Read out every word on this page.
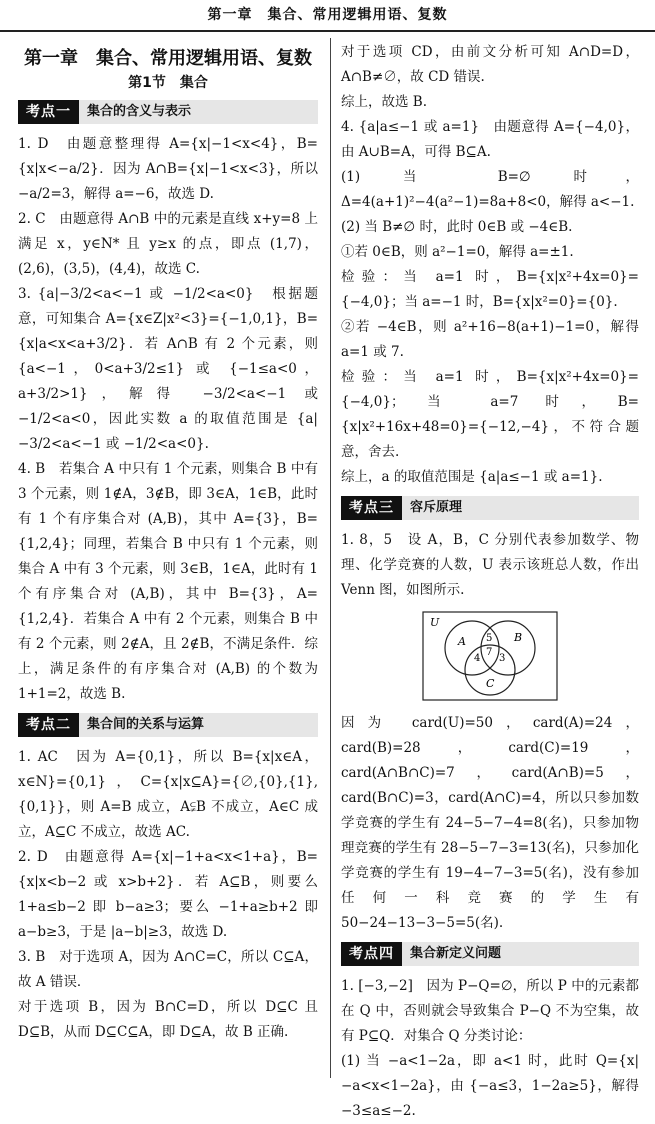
第一章　集合、常用逻辑用语、复数
第一章　集合、常用逻辑用语、复数
第1节　集合
考点一	集合的含义与表示

1. D　由题意整理得 A={x|−1<x<4}，B={x|x<−a/2}．因为 A∩B={x|−1<x<3}，所以 −a/2=3，解得 a=−6，故选 D.

2. C　由题意得 A∩B 中的元素是直线 x+y=8 上满足 x，y∈N* 且 y≥x 的点，即点 (1,7)，(2,6)，(3,5)，(4,4)，故选 C.

3. {a|−3/2<a<−1 或 −1/2<a<0}　根据题意，可知集合 A={x∈Z|x²<3}={−1,0,1}，B={x|a<x<a+3/2}．若 A∩B 有 2 个元素，则 {a<−1，0<a+3/2≤1} 或 {−1≤a<0，a+3/2>1}，解得 −3/2<a<−1 或 −1/2<a<0，因此实数 a 的取值范围是 {a|−3/2<a<−1 或 −1/2<a<0}.

4. B　若集合 A 中只有 1 个元素，则集合 B 中有 3 个元素，则 1∉A，3∉B，即 3∈A，1∈B，此时有 1 个有序集合对 (A,B)，其中 A={3}，B={1,2,4}；同理，若集合 B 中只有 1 个元素，则集合 A 中有 3 个元素，则 3∈B，1∈A，此时有 1 个有序集合对 (A,B)，其中 B={3}，A={1,2,4}．若集合 A 中有 2 个元素，则集合 B 中有 2 个元素，则 2∉A，且 2∉B，不满足条件．综上，满足条件的有序集合对 (A,B) 的个数为 1+1=2，故选 B.

考点二	集合间的关系与运算

1. AC　因为 A={0,1}，所以 B={x|x∈A，x∈N}={0,1}，C={x|x⊆A}={∅,{0},{1},{0,1}}，则 A=B 成立，A⫋B 不成立，A∈C 成立，A⊆C 不成立，故选 AC.

2. D　由题意得 A={x|−1+a<x<1+a}，B={x|x<b−2 或 x>b+2}．若 A⊆B，则要么 1+a≤b−2 即 b−a≥3；要么 −1+a≥b+2 即 a−b≥3，于是 |a−b|≥3，故选 D.

3. B　对于选项 A，因为 A∩C=C，所以 C⊆A，故 A 错误．

对于选项 B，因为 B∩C=D，所以 D⊆C 且 D⊆B，从而 D⊆C⊆A，即 D⊆A，故 B 正确.

对于选项 CD，由前文分析可知 A∩D=D，A∩B≠∅，故 CD 错误.

综上，故选 B.

4. {a|a≤−1 或 a=1}　由题意得 A={−4,0}，由 A∪B=A，可得 B⊆A.

(1) 当 B=∅ 时，Δ=4(a+1)²−4(a²−1)=8a+8<0，解得 a<−1.

(2) 当 B≠∅ 时，此时 0∈B 或 −4∈B.

①若 0∈B，则 a²−1=0，解得 a=±1.

检验：当 a=1 时，B={x|x²+4x=0}={−4,0}；当 a=−1 时，B={x|x²=0}={0}.

②若 −4∈B，则 a²+16−8(a+1)−1=0，解得 a=1 或 7.

检验：当 a=1 时，B={x|x²+4x=0}={−4,0}；当 a=7 时，B={x|x²+16x+48=0}={−12,−4}，不符合题意，舍去.

综上，a 的取值范围是 {a|a≤−1 或 a=1}.

考点三	容斥原理

1. 8，5　设 A，B，C 分别代表参加数学、物理、化学竞赛的人数，U 表示该班总人数，作出 Venn 图，如图所示.

U
A	B
C
5
7
4 3

因为 card(U)=50，card(A)=24，card(B)=28，card(C)=19，card(A∩B∩C)=7，card(A∩B)=5，card(B∩C)=3，card(A∩C)=4，所以只参加数学竞赛的学生有 24−5−7−4=8(名)，只参加物理竞赛的学生有 28−5−7−3=13(名)，只参加化学竞赛的学生有 19−4−7−3=5(名)，没有参加任何一科竞赛的学生有 50−24−13−3−5=5(名).

考点四	集合新定义问题

1. [−3,−2]　因为 P−Q=∅，所以 P 中的元素都在 Q 中，否则就会导致集合 P−Q 不为空集，故有 P⊆Q．对集合 Q 分类讨论：

(1) 当 −a<1−2a，即 a<1 时，此时 Q={x|−a<x<1−2a}，由 {−a≤3，1−2a≥5}，解得 −3≤a≤−2.
